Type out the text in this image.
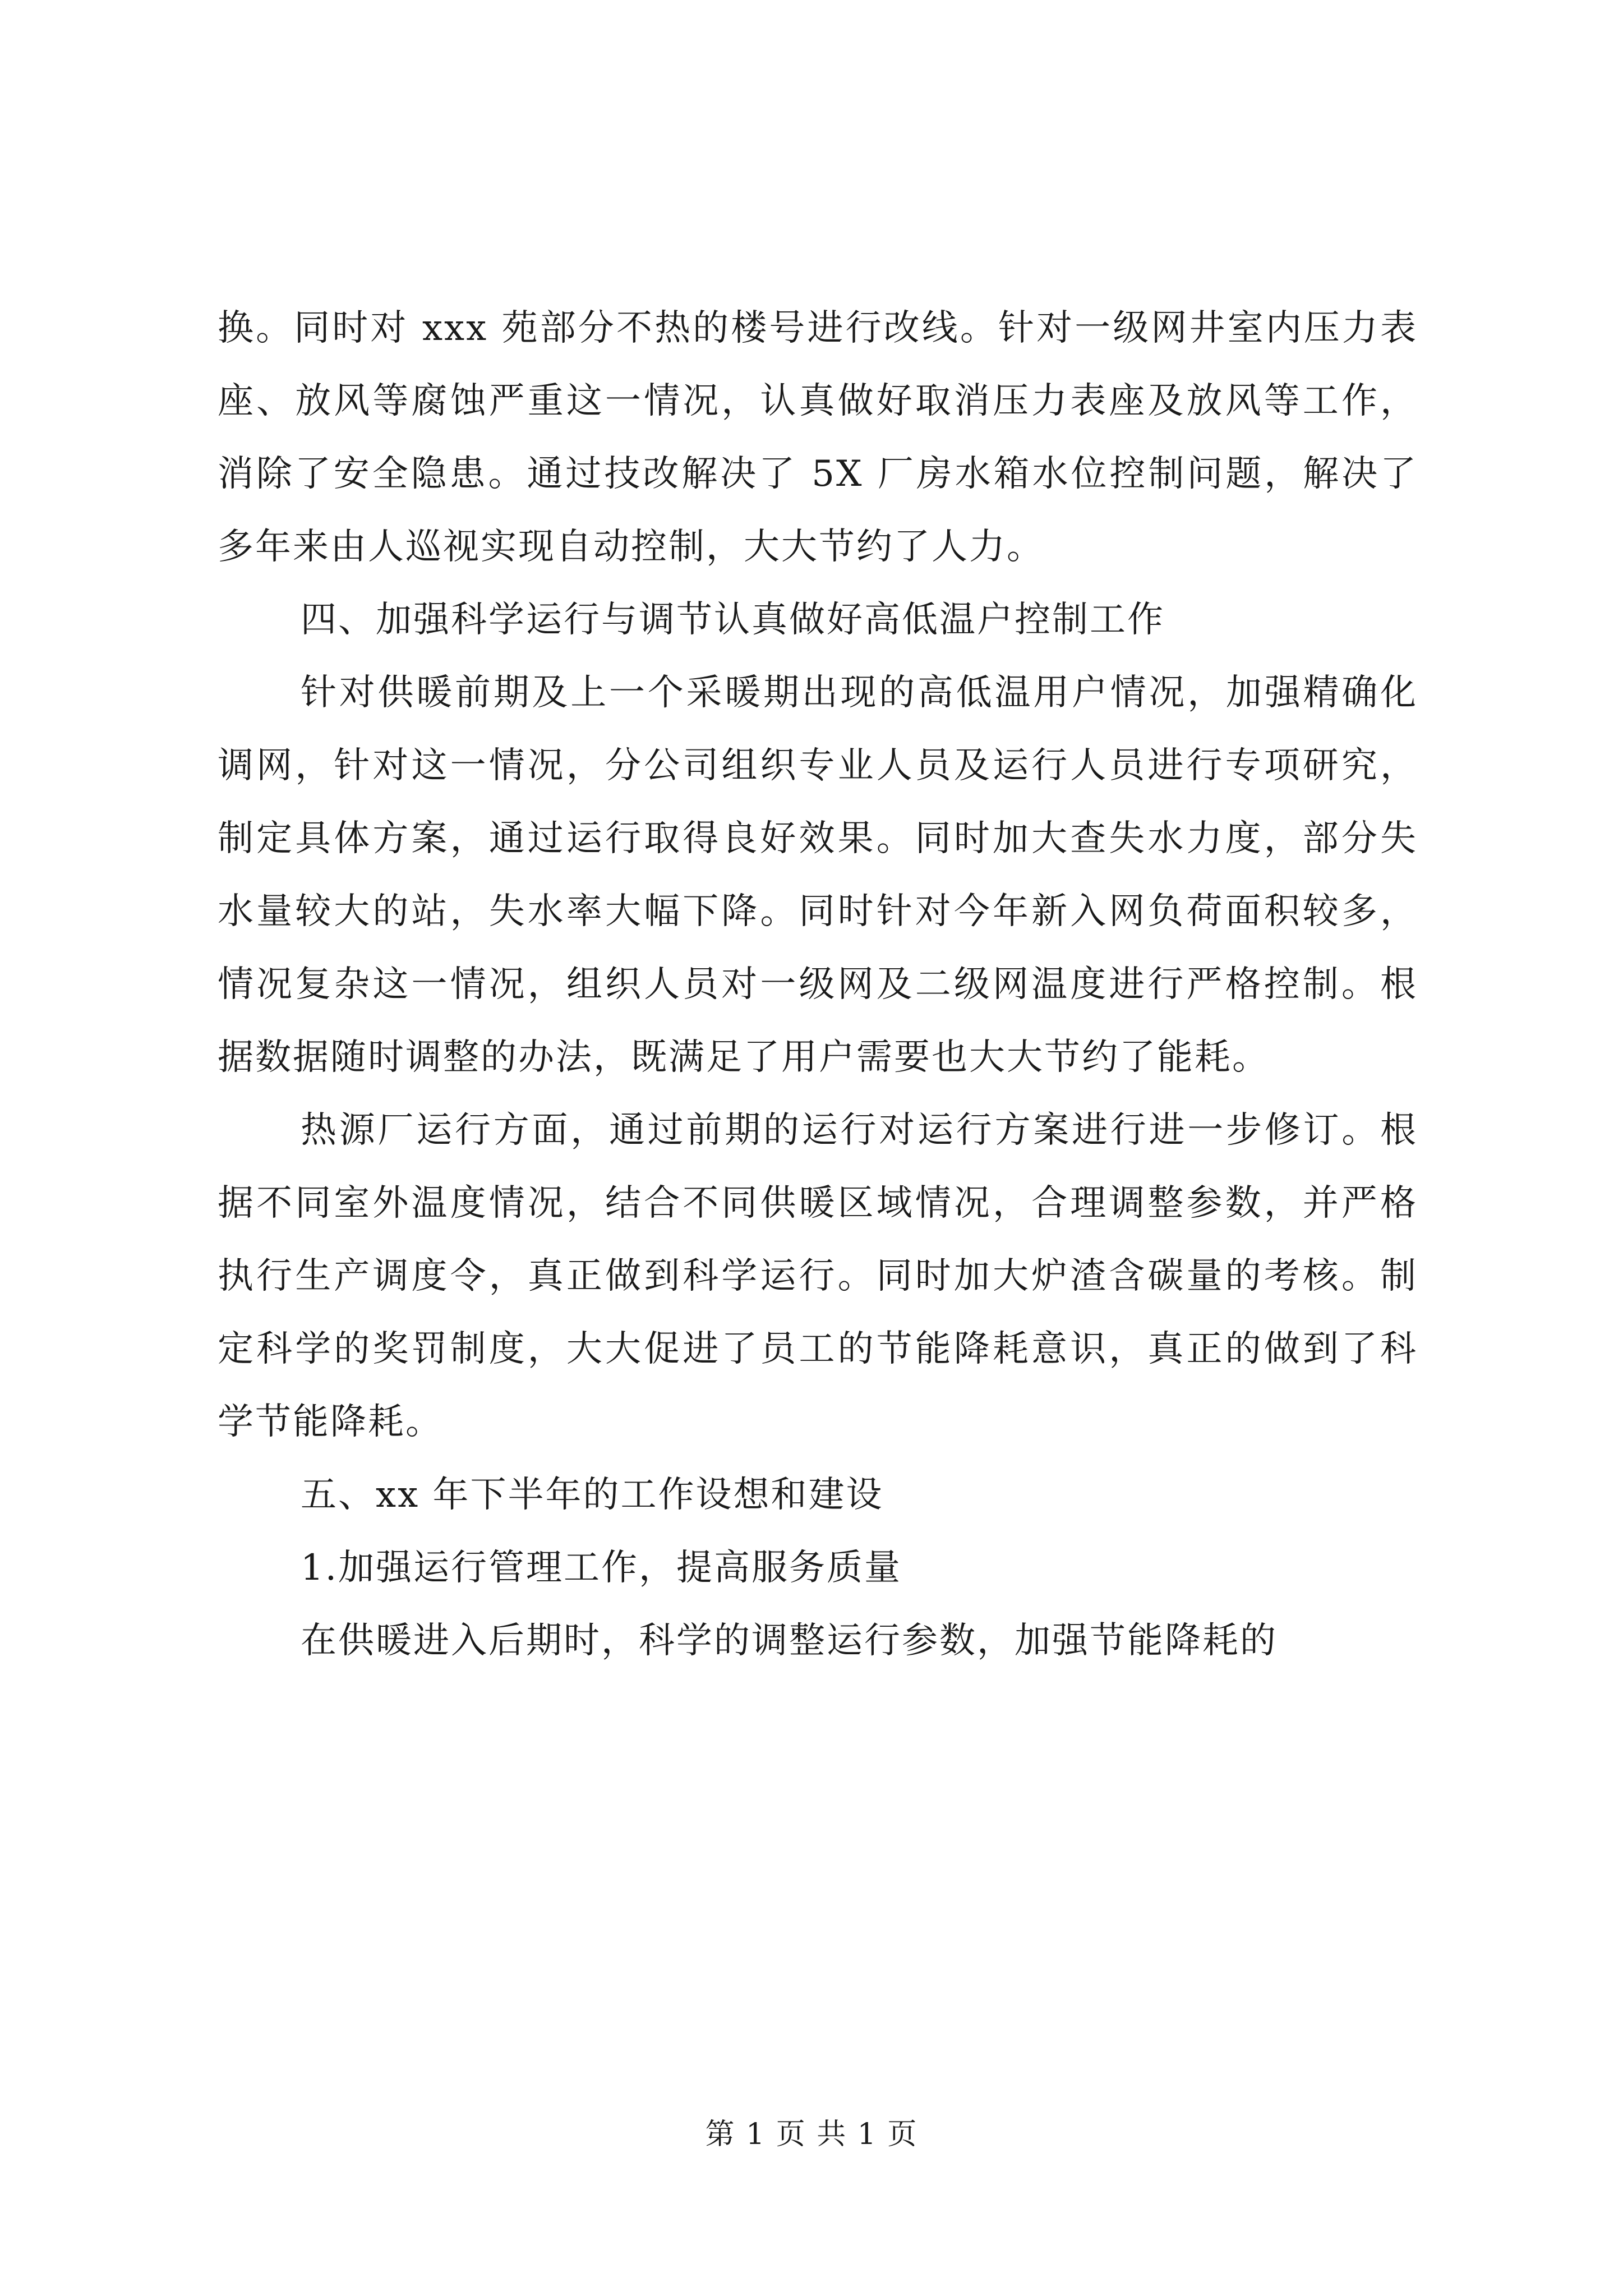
换。同时对 xxx 苑部分不热的楼号进行改线。针对一级网井室内压力表座、放风等腐蚀严重这一情况，认真做好取消压力表座及放风等工作，消除了安全隐患。通过技改解决了 5X 厂房水箱水位控制问题，解决了多年来由人巡视实现自动控制，大大节约了人力。

四、加强科学运行与调节认真做好高低温户控制工作

针对供暖前期及上一个采暖期出现的高低温用户情况，加强精确化调网，针对这一情况，分公司组织专业人员及运行人员进行专项研究，制定具体方案，通过运行取得良好效果。同时加大查失水力度，部分失水量较大的站，失水率大幅下降。同时针对今年新入网负荷面积较多，情况复杂这一情况，组织人员对一级网及二级网温度进行严格控制。根据数据随时调整的办法，既满足了用户需要也大大节约了能耗。

热源厂运行方面，通过前期的运行对运行方案进行进一步修订。根据不同室外温度情况，结合不同供暖区域情况，合理调整参数，并严格执行生产调度令，真正做到科学运行。同时加大炉渣含碳量的考核。制定科学的奖罚制度，大大促进了员工的节能降耗意识，真正的做到了科学节能降耗。

五、xx 年下半年的工作设想和建设

1.加强运行管理工作，提高服务质量

在供暖进入后期时，科学的调整运行参数，加强节能降耗的

第 1 页 共 1 页
